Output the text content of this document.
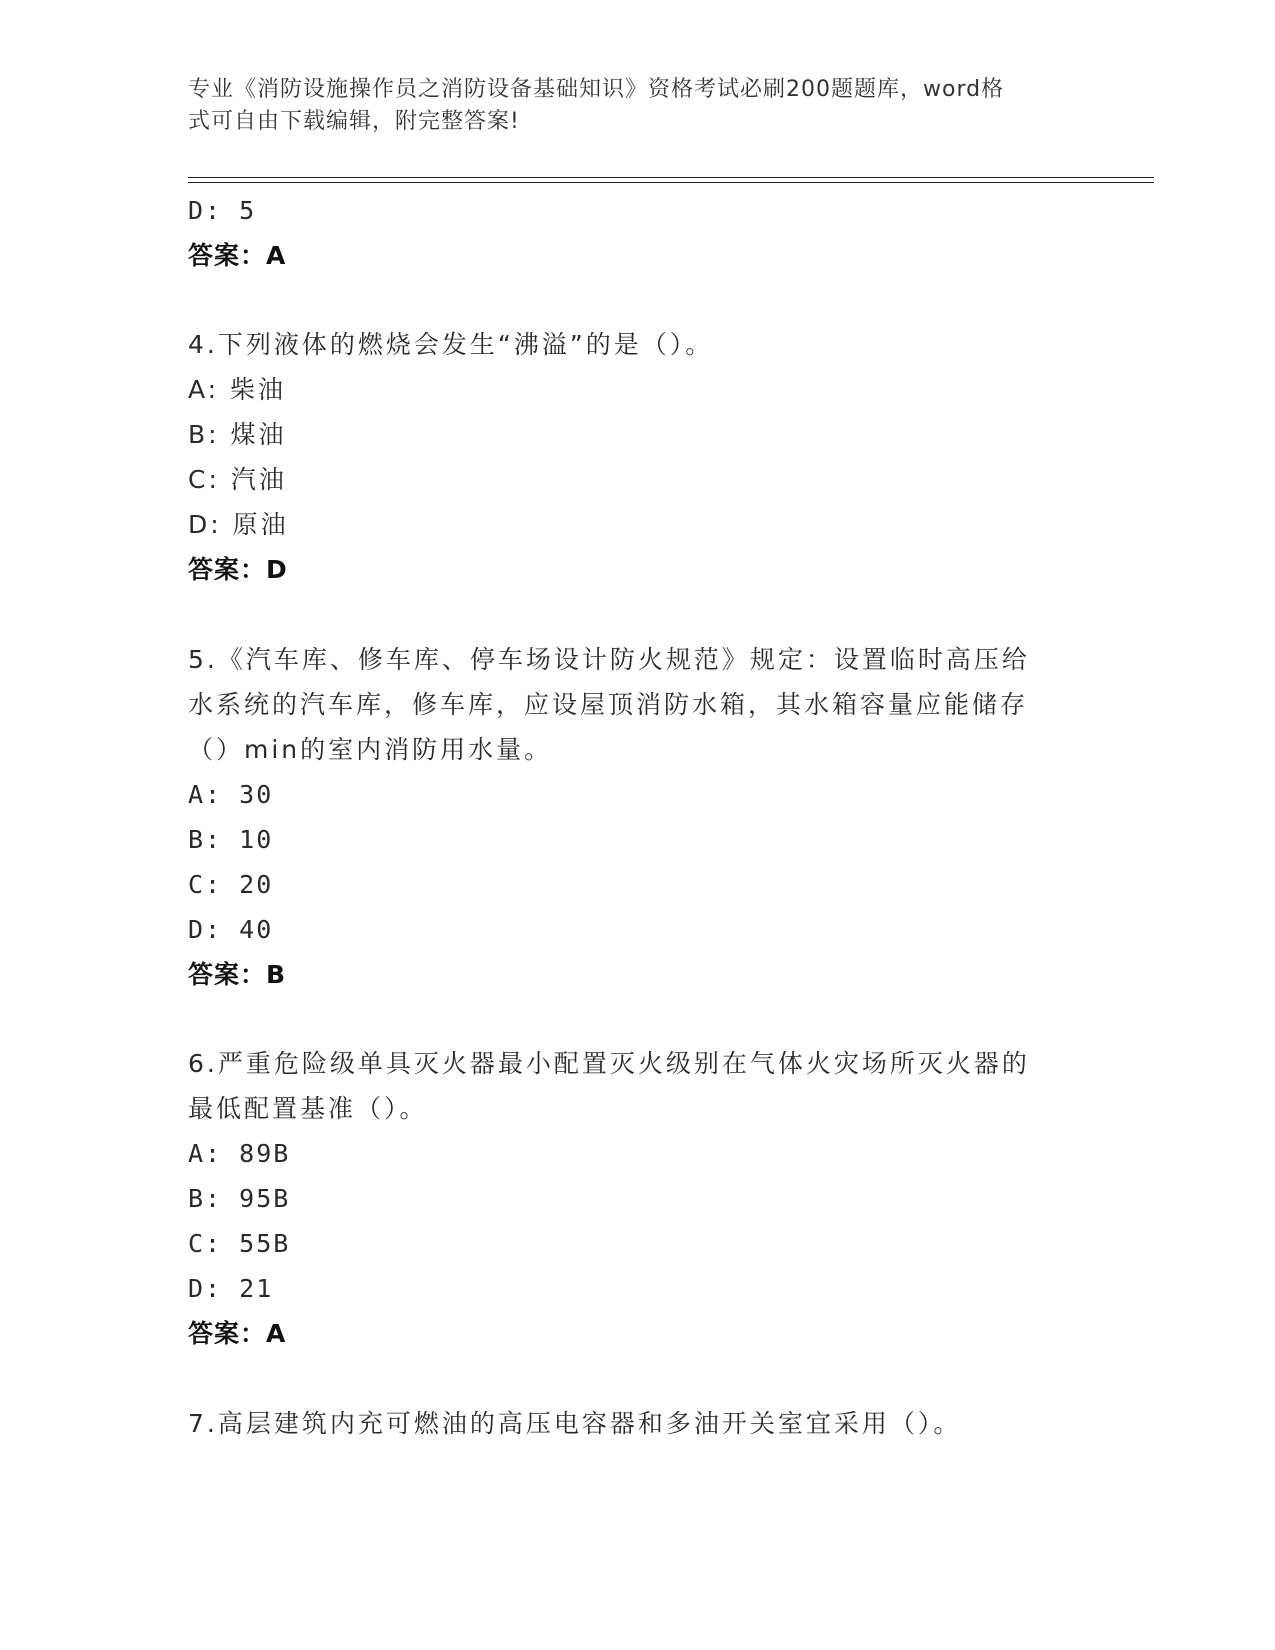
专业《消防设施操作员之消防设备基础知识》资格考试必刷200题题库，word格
式可自由下载编辑，附完整答案!
D: 5
答案：A
4.下列液体的燃烧会发生“沸溢”的是（）。
A: 柴油
B: 煤油
C: 汽油
D: 原油
答案：D
5.《汽车库、修车库、停车场设计防火规范》规定：设置临时高压给
水系统的汽车库，修车库，应设屋顶消防水箱，其水箱容量应能储存
（）min的室内消防用水量。
A: 30
B: 10
C: 20
D: 40
答案：B
6.严重危险级单具灭火器最小配置灭火级别在气体火灾场所灭火器的
最低配置基准（）。
A: 89B
B: 95B
C: 55B
D: 21
答案：A
7.高层建筑内充可燃油的高压电容器和多油开关室宜采用（）。
